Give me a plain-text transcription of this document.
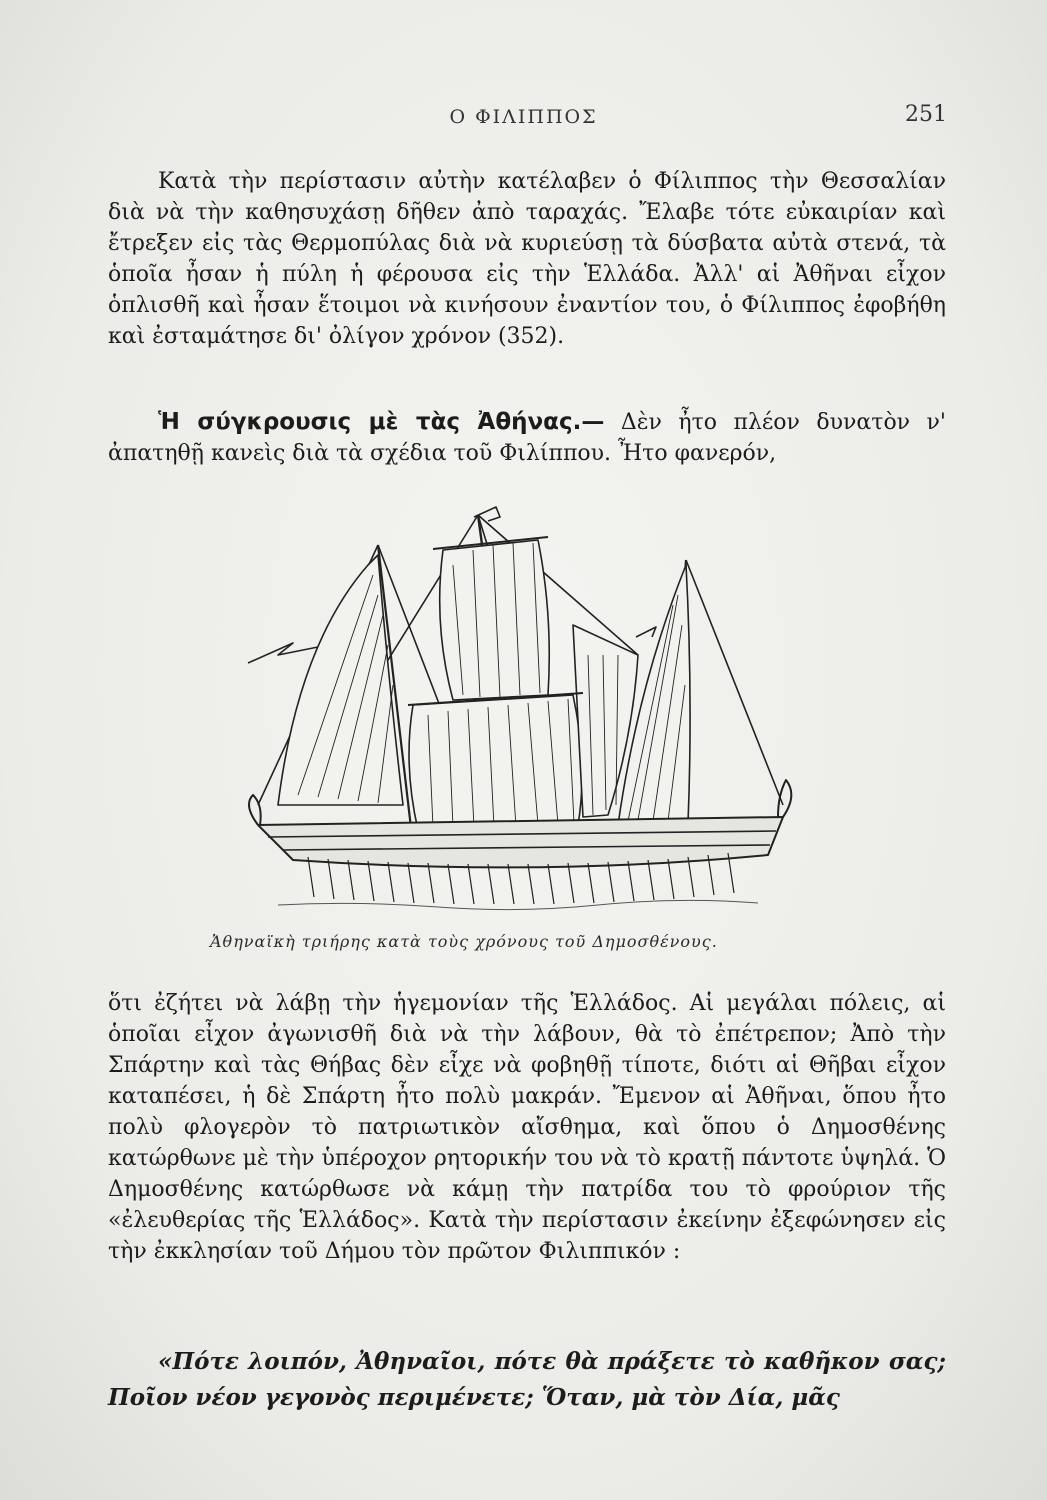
Ο ΦΙΛΙΠΠΟΣ	251

Κατὰ τὴν περίστασιν αὐτὴν κατέλαβεν ὁ Φίλιππος τὴν Θεσσαλίαν διὰ νὰ τὴν καθησυχάσῃ δῆθεν ἀπὸ ταραχάς. Ἔλαβε τότε εὐκαιρίαν καὶ ἔτρεξεν εἰς τὰς Θερμοπύλας διὰ νὰ κυριεύσῃ τὰ δύσβατα αὐτὰ στενά, τὰ ὁποῖα ἦσαν ἡ πύλη ἡ φέρουσα εἰς τὴν Ἑλλάδα. Ἀλλ' αἱ Ἀθῆναι εἶχον ὁπλισθῆ καὶ ἦσαν ἕτοιμοι νὰ κινήσουν ἐναντίον του, ὁ Φίλιππος ἐφοβήθη καὶ ἐσταμάτησε δι' ὀλίγον χρόνον (352).

Ἡ σύγκρουσις μὲ τὰς Ἀθήνας.— Δὲν ἦτο πλέον δυνατὸν ν' ἀπατηθῇ κανεὶς διὰ τὰ σχέδια τοῦ Φιλίππου. Ἦτο φανερόν,

Ἀθηναϊκὴ τριήρης κατὰ τοὺς χρόνους τοῦ Δημοσθένους.

ὅτι ἐζήτει νὰ λάβῃ τὴν ἡγεμονίαν τῆς Ἑλλάδος. Αἱ μεγάλαι πόλεις, αἱ ὁποῖαι εἶχον ἀγωνισθῆ διὰ νὰ τὴν λάβουν, θὰ τὸ ἐπέτρεπον; Ἀπὸ τὴν Σπάρτην καὶ τὰς Θήβας δὲν εἶχε νὰ φοβηθῇ τίποτε, διότι αἱ Θῆβαι εἶχον καταπέσει, ἡ δὲ Σπάρτη ἦτο πολὺ μακράν. Ἔμενον αἱ Ἀθῆναι, ὅπου ἦτο πολὺ φλογερὸν τὸ πατριωτικὸν αἴσθημα, καὶ ὅπου ὁ Δημοσθένης κατώρθωνε μὲ τὴν ὑπέροχον ρητορικήν του νὰ τὸ κρατῇ πάντοτε ὑψηλά. Ὁ Δημοσθένης κατώρθωσε νὰ κάμῃ τὴν πατρίδα του τὸ φρούριον τῆς «ἐλευθερίας τῆς Ἑλλάδος». Κατὰ τὴν περίστασιν ἐκείνην ἐξεφώνησεν εἰς τὴν ἐκκλησίαν τοῦ Δήμου τὸν πρῶτον Φιλιππικόν :

«Πότε λοιπόν, Ἀθηναῖοι, πότε θὰ πράξετε τὸ καθῆκον σας; Ποῖον νέον γεγονὸς περιμένετε; Ὅταν, μὰ τὸν Δία, μᾶς
